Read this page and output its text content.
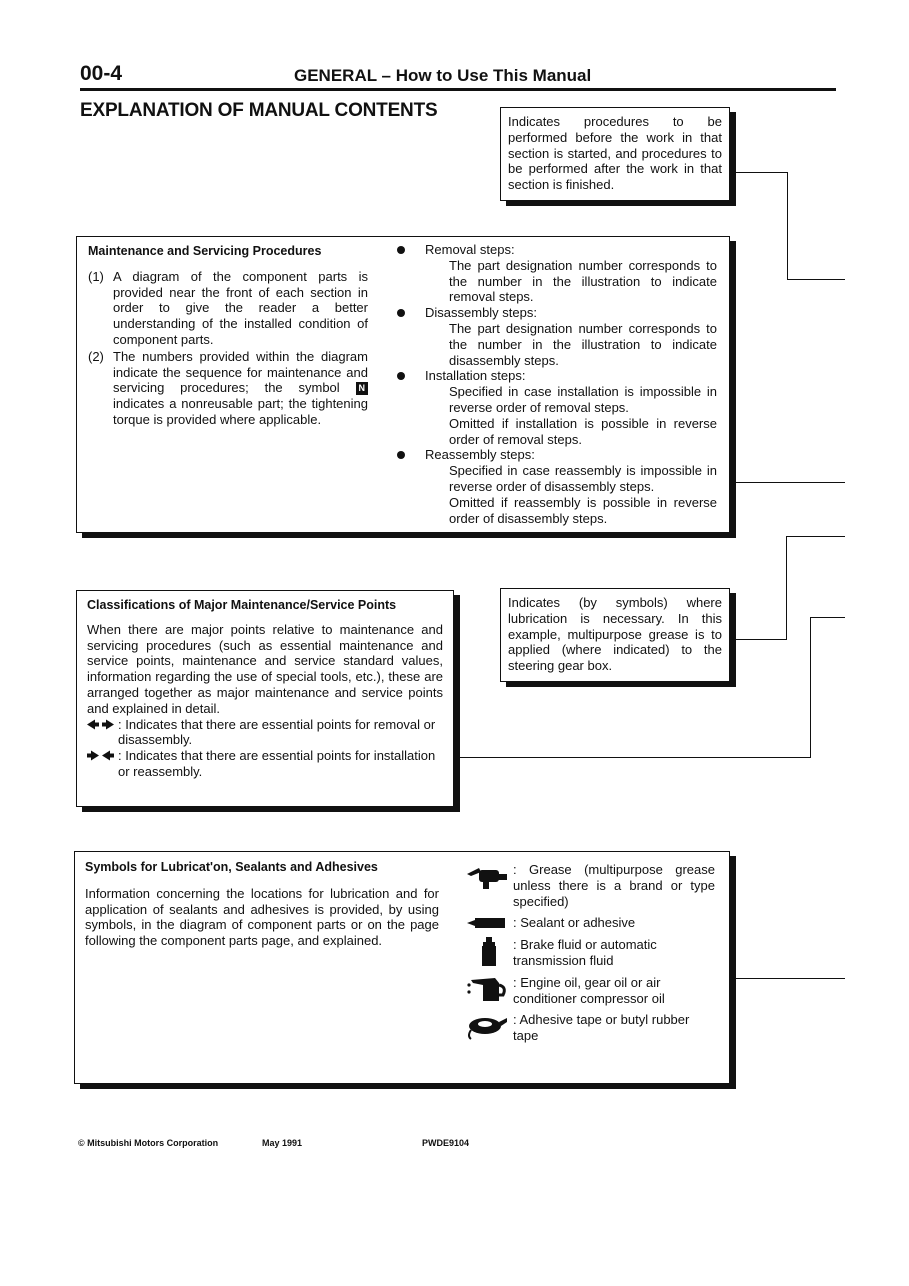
00-4	GENERAL – How to Use This Manual
EXPLANATION OF MANUAL CONTENTS

Indicates procedures to be performed before the work in that section is started, and procedures to be performed after the work in that section is finished.

Maintenance and Servicing Procedures

(1) A diagram of the component parts is provided near the front of each section in order to give the reader a better understanding of the installed condition of component parts.

(2) The numbers provided within the diagram indicate the sequence for maintenance and servicing procedures; the symbol N indicates a nonreusable part; the tightening torque is provided where applicable.

Removal steps:

The part designation number corresponds to the number in the illustration to indicate removal steps.

Disassembly steps:

The part designation number corresponds to the number in the illustration to indicate disassembly steps.

Installation steps:

Specified in case installation is impossible in reverse order of removal steps.

Omitted if installation is possible in reverse order of removal steps.

Reassembly steps:

Specified in case reassembly is impossible in reverse order of disassembly steps.

Omitted if reassembly is possible in reverse order of disassembly steps.

Classifications of Major Maintenance/Service Points

When there are major points relative to maintenance and servicing procedures (such as essential maintenance and service points, maintenance and service standard values, information regarding the use of special tools, etc.), these are arranged together as major maintenance and service points and explained in detail.

: Indicates that there are essential points for removal or disassembly.

: Indicates that there are essential points for installation or reassembly.

Indicates (by symbols) where lubrication is necessary. In this example, multipurpose grease is to applied (where indicated) to the steering gear box.

Symbols for Lubricat'on, Sealants and Adhesives

Information concerning the locations for lubrication and for application of sealants and adhesives is provided, by using symbols, in the diagram of component parts or on the page following the component parts page, and explained.

: Grease (multipurpose grease unless there is a brand or type specified)

: Sealant or adhesive

: Brake fluid or automatic transmission fluid

: Engine oil, gear oil or air conditioner compressor oil

: Adhesive tape or butyl rubber tape

© Mitsubishi Motors Corporation	May 1991	PWDE9104
